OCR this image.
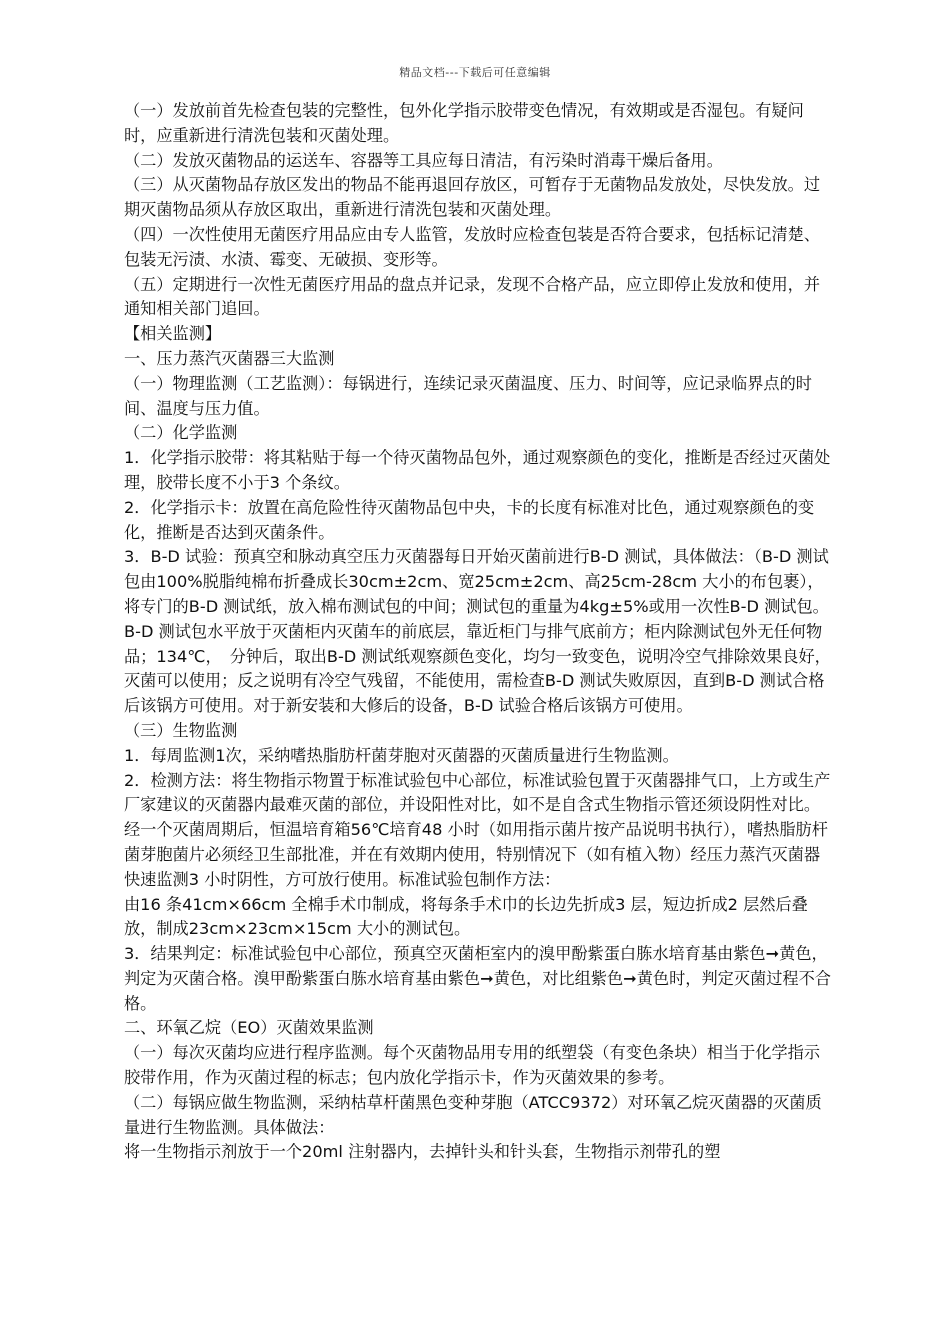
精品文档---下载后可任意编辑

（一）发放前首先检查包装的完整性，包外化学指示胶带变色情况，有效期或是否湿包。有疑问时，应重新进行清洗包装和灭菌处理。

（二）发放灭菌物品的运送车、容器等工具应每日清洁，有污染时消毒干燥后备用。

（三）从灭菌物品存放区发出的物品不能再退回存放区，可暂存于无菌物品发放处，尽快发放。过期灭菌物品须从存放区取出，重新进行清洗包装和灭菌处理。

（四）一次性使用无菌医疗用品应由专人监管，发放时应检查包装是否符合要求，包括标记清楚、包装无污渍、水渍、霉变、无破损、变形等。

（五）定期进行一次性无菌医疗用品的盘点并记录，发现不合格产品，应立即停止发放和使用，并通知相关部门追回。

【相关监测】

一、压力蒸汽灭菌器三大监测

（一）物理监测（工艺监测）：每锅进行，连续记录灭菌温度、压力、时间等，应记录临界点的时间、温度与压力值。

（二）化学监测

1．化学指示胶带：将其粘贴于每一个待灭菌物品包外，通过观察颜色的变化，推断是否经过灭菌处理，胶带长度不小于3 个条纹。

2．化学指示卡：放置在高危险性待灭菌物品包中央，卡的长度有标准对比色，通过观察颜色的变化，推断是否达到灭菌条件。

3．B-D 试验：预真空和脉动真空压力灭菌器每日开始灭菌前进行B-D 测试，具体做法：（B-D 测试包由100%脱脂纯棉布折叠成长30cm±2cm、宽25cm±2cm、高25cm-28cm 大小的布包裹），将专门的B-D 测试纸，放入棉布测试包的中间；测试包的重量为4kg±5%或用一次性B-D 测试包。B-D 测试包水平放于灭菌柜内灭菌车的前底层，靠近柜门与排气底前方；柜内除测试包外无任何物品；134℃，　分钟后，取出B-D 测试纸观察颜色变化，均匀一致变色，说明冷空气排除效果良好，灭菌可以使用；反之说明有冷空气残留，不能使用，需检查B-D 测试失败原因，直到B-D 测试合格后该锅方可使用。对于新安装和大修后的设备，B-D 试验合格后该锅方可使用。

（三）生物监测

1．每周监测1次，采纳嗜热脂肪杆菌芽胞对灭菌器的灭菌质量进行生物监测。

2．检测方法：将生物指示物置于标准试验包中心部位，标准试验包置于灭菌器排气口，上方或生产厂家建议的灭菌器内最难灭菌的部位，并设阳性对比，如不是自含式生物指示管还须设阴性对比。经一个灭菌周期后，恒温培育箱56℃培育48 小时（如用指示菌片按产品说明书执行），嗜热脂肪杆菌芽胞菌片必须经卫生部批准，并在有效期内使用，特别情况下（如有植入物）经压力蒸汽灭菌器快速监测3 小时阴性，方可放行使用。标准试验包制作方法：

由16 条41cm×66cm 全棉手术巾制成，将每条手术巾的长边先折成3 层，短边折成2 层然后叠放，制成23cm×23cm×15cm 大小的测试包。

3．结果判定：标准试验包中心部位，预真空灭菌柜室内的溴甲酚紫蛋白胨水培育基由紫色➞黄色，判定为灭菌合格。溴甲酚紫蛋白胨水培育基由紫色➞黄色，对比组紫色➞黄色时，判定灭菌过程不合格。

二、环氧乙烷（EO）灭菌效果监测

（一）每次灭菌均应进行程序监测。每个灭菌物品用专用的纸塑袋（有变色条块）相当于化学指示胶带作用，作为灭菌过程的标志；包内放化学指示卡，作为灭菌效果的参考。

（二）每锅应做生物监测，采纳枯草杆菌黑色变种芽胞（ATCC9372）对环氧乙烷灭菌器的灭菌质量进行生物监测。具体做法：

将一生物指示剂放于一个20ml 注射器内，去掉针头和针头套，生物指示剂带孔的塑
